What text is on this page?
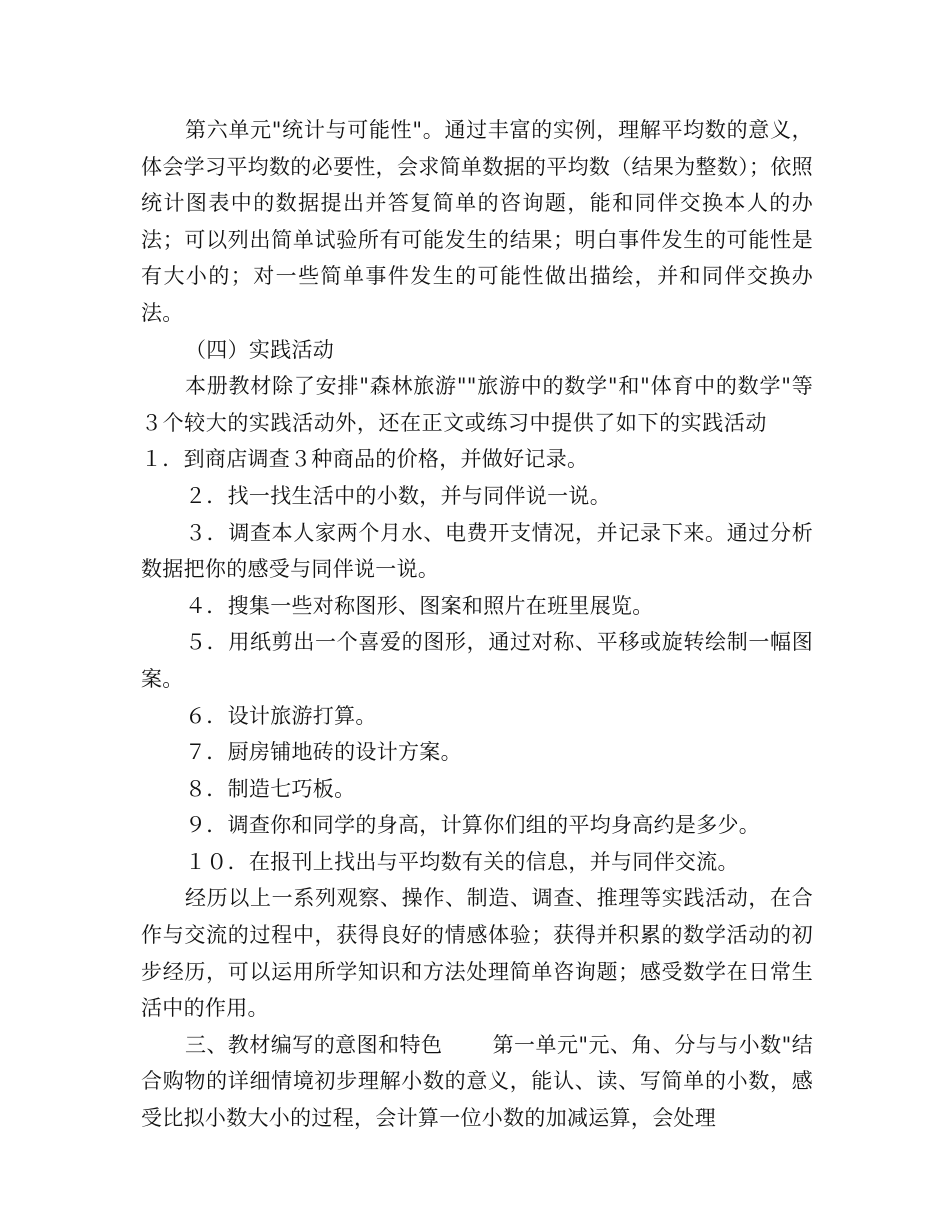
第六单元"统计与可能性"。通过丰富的实例，理解平均数的意义，体会学习平均数的必要性，会求简单数据的平均数（结果为整数）；依照统计图表中的数据提出并答复简单的咨询题，能和同伴交换本人的办法；可以列出简单试验所有可能发生的结果；明白事件发生的可能性是有大小的；对一些简单事件发生的可能性做出描绘，并和同伴交换办法。

（四）实践活动

本册教材除了安排"森林旅游""旅游中的数学"和"体育中的数学"等３个较大的实践活动外，还在正文或练习中提供了如下的实践活动１．到商店调查３种商品的价格，并做好记录。

２．找一找生活中的小数，并与同伴说一说。

３．调查本人家两个月水、电费开支情况，并记录下来。通过分析数据把你的感受与同伴说一说。

４．搜集一些对称图形、图案和照片在班里展览。

５．用纸剪出一个喜爱的图形，通过对称、平移或旋转绘制一幅图案。

６．设计旅游打算。

７．厨房铺地砖的设计方案。

８．制造七巧板。

９．调查你和同学的身高，计算你们组的平均身高约是多少。

１０．在报刊上找出与平均数有关的信息，并与同伴交流。

经历以上一系列观察、操作、制造、调查、推理等实践活动，在合作与交流的过程中，获得良好的情感体验；获得并积累的数学活动的初步经历，可以运用所学知识和方法处理简单咨询题；感受数学在日常生活中的作用。

三、教材编写的意图和特色 第一单元"元、角、分与与小数"结合购物的详细情境初步理解小数的意义，能认、读、写简单的小数，感受比拟小数大小的过程，会计算一位小数的加减运算，会处理
